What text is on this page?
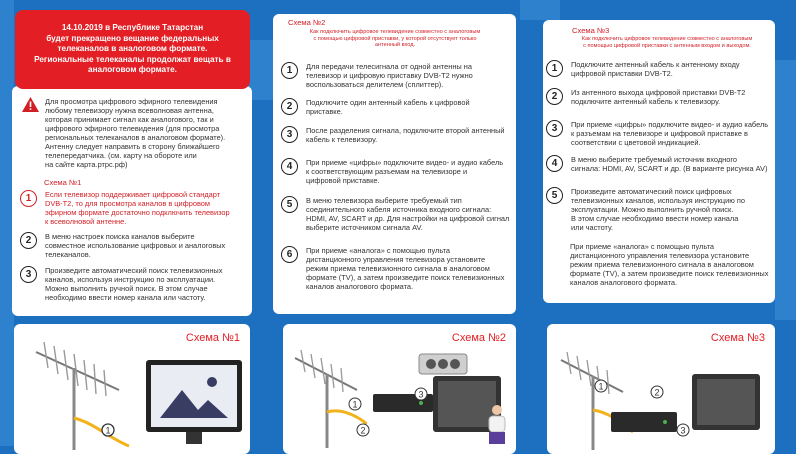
14.10.2019 в Республике Татарстан
будет прекращено вещание федеральных
телеканалов в аналоговом формате.
Региональные телеканалы продолжат вещать в
аналоговом формате.
Для просмотра цифрового эфирного телевидения
любому телевизору нужна всеволновая антенна,
которая принимает сигнал как аналогового, так и
цифрового эфирного телевидения (для просмотра
региональных телеканалов в аналоговом формате).
Антенну следует направить в сторону ближайшего
телепередатчика. (см. карту на обороте или
на сайте карта.ртрс.рф)
Схема №1
1	Если телевизор поддерживает цифровой стандарт
DVB-T2, то для просмотра каналов в цифровом
эфирном формате достаточно подключить телевизор
к всеволновой антенне.
2	В меню настроек поиска каналов выберите
совместное использование цифровых и аналоговых
телеканалов.
3	Произведите автоматический поиск телевизионных
каналов, используя инструкцию по эксплуатации.
Можно выполнить ручной поиск. В этом случае
необходимо ввести номер канала или частоту.
Схема №2
Как подключить цифровое телевидение совместно с аналоговым
с помощью цифровой приставки, у которой отсутствует только
антенный вход.
1	Для передачи телесигнала от одной антенны на
телевизор и цифровую приставку DVB-T2 нужно
воспользоваться делителем (сплиттер).
2	Подключите один антенный кабель к цифровой
приставке.
3	После разделения сигнала, подключите второй антенный
кабель к телевизору.
4	При приеме «цифры» подключите видео- и аудио кабель
к соответствующим разъемам на телевизоре и
цифровой приставке.
5	В меню телевизора выберите требуемый тип
соединительного кабеля источника входного сигнала:
HDMI, AV, SCART и др. Для настройки на цифровой сигнал
выберите источником сигнала AV.
6	При приеме «аналога» с помощью пульта
дистанционного управления телевизора установите
режим приема телевизионного сигнала в аналоговом
формате (TV), а затем произведите поиск телевизионных
каналов аналогового формата.
Схема №3
Как подключить цифровое телевидение совместно с аналоговым
с помощью цифровой приставки с антенным входом и выходом.
1	Подключите антенный кабель к антенному входу
цифровой приставки DVB-T2.
2	Из антенного выхода цифровой приставки DVB-T2
подключите антенный кабель к телевизору.
3	При приеме «цифры» подключите видео- и аудио кабель
к разъемам на телевизоре и цифровой приставке в
соответствии с цветовой индикацией.
4	В меню выберите требуемый источник входного
сигнала: HDMI, AV, SCART и др. (В варианте рисунка AV)
5	Произведите автоматический поиск цифровых
телевизионных каналов, используя инструкцию по
эксплуатации. Можно выполнить ручной поиск.
В этом случае необходимо ввести номер канала
или частоту.
При приеме «аналога» с помощью пульта
дистанционного управления телевизора установите
режим приема телевизионного сигнала в аналоговом
формате (TV), а затем произведите поиск телевизионных
каналов аналогового формата.
Схема №1
1
Схема №2
1
2
3
Схема №3
1
2
3
